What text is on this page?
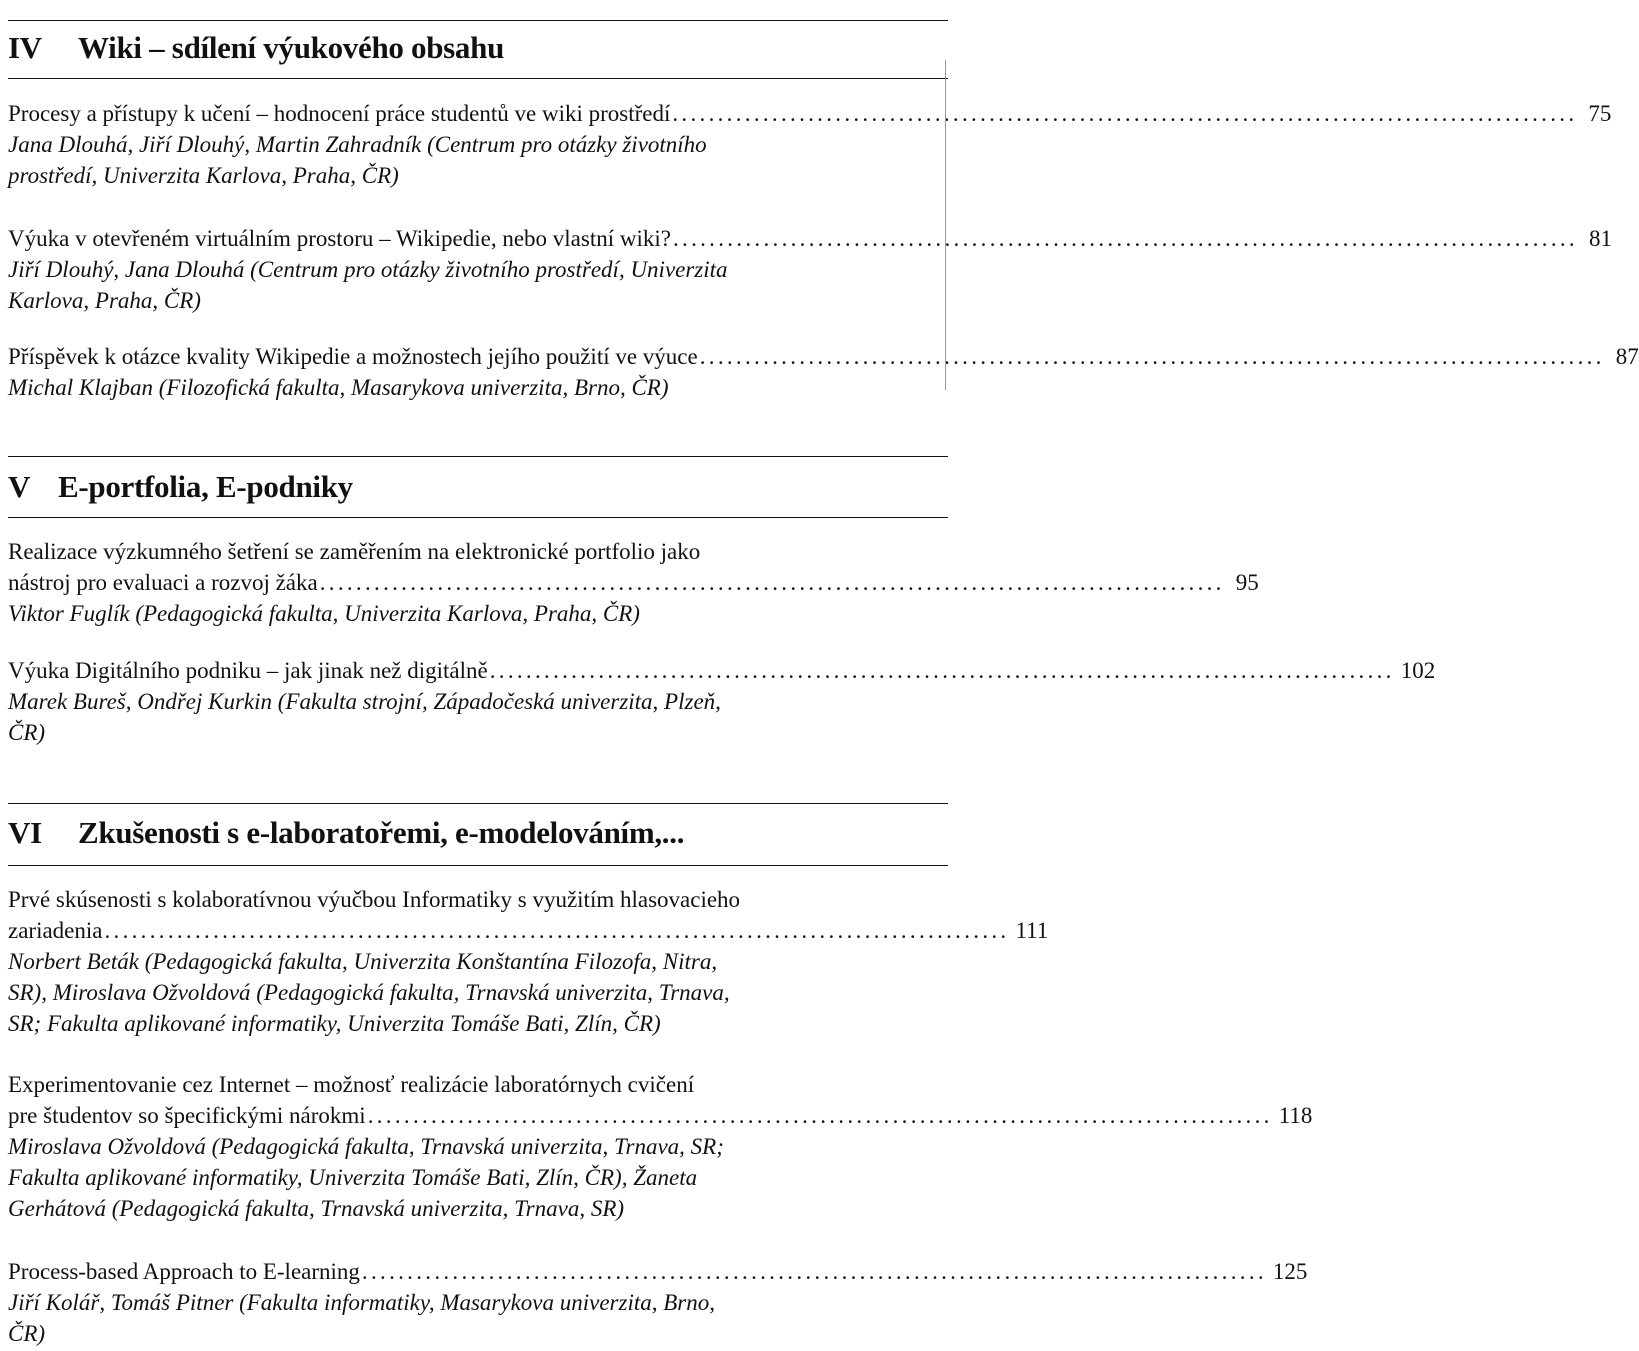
IV Wiki – sdílení výukového obsahu
Procesy a přístupy k učení – hodnocení práce studentů ve wiki prostředí .................................................................................................... 75
Jana Dlouhá, Jiří Dlouhý, Martin Zahradník (Centrum pro otázky životního
prostředí, Univerzita Karlova, Praha, ČR)
Výuka v otevřeném virtuálním prostoru – Wikipedie, nebo vlastní wiki? .................................................................................................... 81
Jiří Dlouhý, Jana Dlouhá (Centrum pro otázky životního prostředí, Univerzita
Karlova, Praha, ČR)
Příspěvek k otázce kvality Wikipedie a možnostech jejího použití ve výuce .................................................................................................... 87
Michal Klajban (Filozofická fakulta, Masarykova univerzita, Brno, ČR)
V E-portfolia, E-podniky
Realizace výzkumného šetření se zaměřením na elektronické portfolio jako
nástroj pro evaluaci a rozvoj žáka .................................................................................................... 95
Viktor Fuglík (Pedagogická fakulta, Univerzita Karlova, Praha, ČR)
Výuka Digitálního podniku – jak jinak než digitálně .................................................................................................... 102
Marek Bureš, Ondřej Kurkin (Fakulta strojní, Západočeská univerzita, Plzeň,
ČR)
VI Zkušenosti s e-laboratořemi, e-modelováním,...
Prvé skúsenosti s kolaboratívnou výučbou Informatiky s využitím hlasovacieho
zariadenia .................................................................................................... 111
Norbert Beták (Pedagogická fakulta, Univerzita Konštantína Filozofa, Nitra,
SR), Miroslava Ožvoldová (Pedagogická fakulta, Trnavská univerzita, Trnava,
SR; Fakulta aplikované informatiky, Univerzita Tomáše Bati, Zlín, ČR)
Experimentovanie cez Internet – možnosť realizácie laboratórnych cvičení
pre študentov so špecifickými nárokmi .................................................................................................... 118
Miroslava Ožvoldová (Pedagogická fakulta, Trnavská univerzita, Trnava, SR;
Fakulta aplikované informatiky, Univerzita Tomáše Bati, Zlín, ČR), Žaneta
Gerhátová (Pedagogická fakulta, Trnavská univerzita, Trnava, SR)
Process-based Approach to E-learning .................................................................................................... 125
Jiří Kolář, Tomáš Pitner (Fakulta informatiky, Masarykova univerzita, Brno,
ČR)
